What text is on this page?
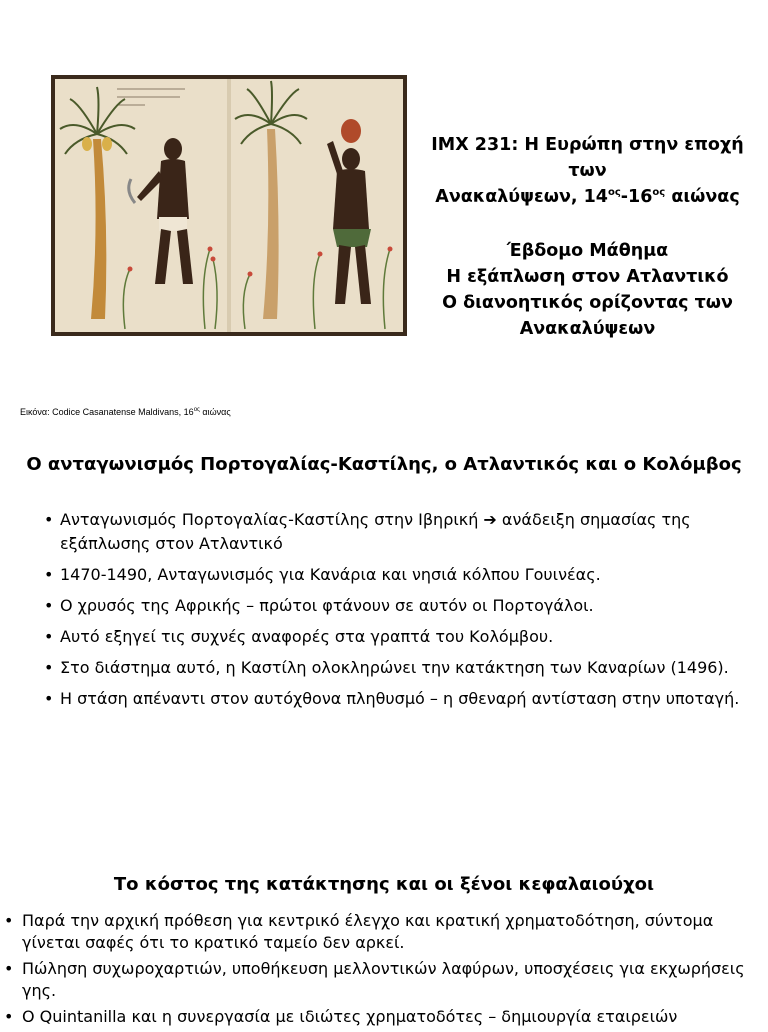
ΙΜΧ 231: Η Ευρώπη στην εποχή
των
Ανακαλύψεων, $14^{o\varsigma}-16^{o\varsigma}$ αιώνας
Έβδομο Μάθημα
Η εξάπλωση στον Ατλαντικό
Ο διανοητικός ορίζοντας των
Ανακαλύψεων
Εικόνα: Codice Casanatense Maldivans, $16^{o\varsigma}$ αιώνας
Ο ανταγωνισμός Πορτογαλίας-Καστίλης, ο Ατλαντικός και ο Κολόμβος
• Ανταγωνισμός Πορτογαλίας-Καστίλης στην Ιβηρική ➔ ανάδειξη σημασίας της εξάπλωσης στον Ατλαντικό
• 1470-1490, Ανταγωνισμός για Κανάρια και νησιά κόλπου Γουινέας.
• Ο χρυσός της Αφρικής – πρώτοι φτάνουν σε αυτόν οι Πορτογάλοι.
• Αυτό εξηγεί τις συχνές αναφορές στα γραπτά του Κολόμβου.
• Στο διάστημα αυτό, η Καστίλη ολοκληρώνει την κατάκτηση των Καναρίων (1496).
• Η στάση απέναντι στον αυτόχθονα πληθυσμό – η σθεναρή αντίσταση στην υποταγή.
Το κόστος της κατάκτησης και οι ξένοι κεφαλαιούχοι
• Παρά την αρχική πρόθεση για κεντρικό έλεγχο και κρατική χρηματοδότηση, σύντομα γίνεται σαφές ότι το κρατικό ταμείο δεν αρκεί.
• Πώληση συχωροχαρτιών, υποθήκευση μελλοντικών λαφύρων, υποσχέσεις για εκχωρήσεις γης.
• Ο Quintanilla και η συνεργασία με ιδιώτες χρηματοδότες – δημιουργία εταιρειών
